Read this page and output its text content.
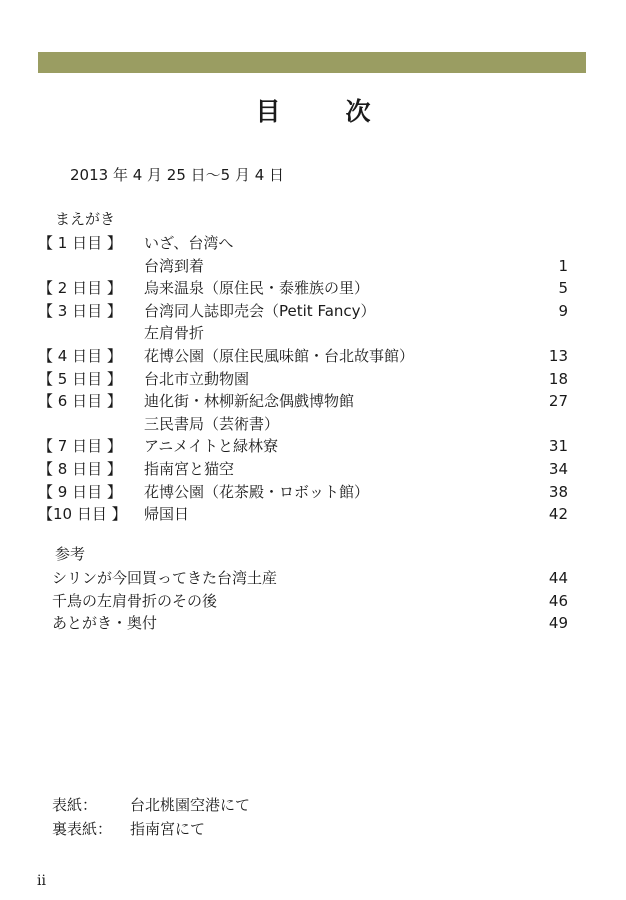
目　次
2013 年 4 月 25 日〜5 月 4 日
まえがき
【 1 日目 】 いざ、台湾へ
台湾到着	1
【 2 日目 】 烏来温泉（原住民・泰雅族の里）	5
【 3 日目 】 台湾同人誌即売会（Petit Fancy）	9
左肩骨折
【 4 日目 】 花博公園（原住民風味館・台北故事館）	13
【 5 日目 】 台北市立動物園	18
【 6 日目 】 迪化街・林柳新紀念偶戲博物館	27
三民書局（芸術書）
【 7 日目 】 アニメイトと緑林寮	31
【 8 日目 】 指南宮と猫空	34
【 9 日目 】 花博公園（花茶殿・ロボット館）	38
【10 日目 】 帰国日	42
参考
シリンが今回買ってきた台湾土産	44
千鳥の左肩骨折のその後	46
あとがき・奥付	49
表紙： 台北桃園空港にて
裏表紙： 指南宮にて
ii
